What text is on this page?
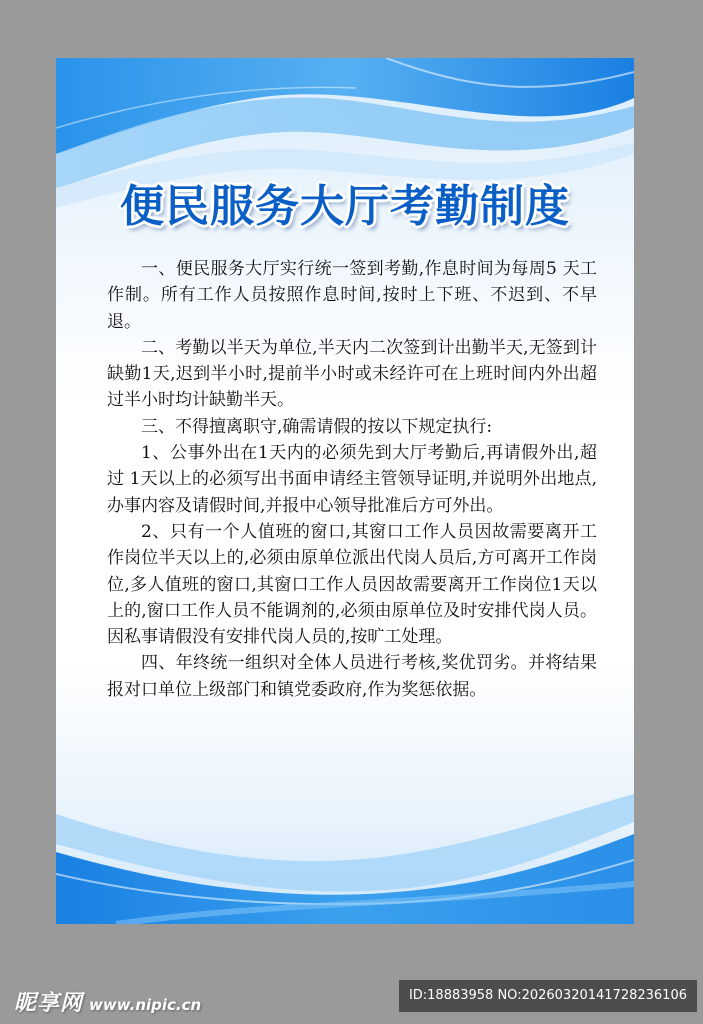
便民服务大厅考勤制度

一、便民服务大厅实行统一签到考勤,作息时间为每周5 天工作制。所有工作人员按照作息时间,按时上下班、不迟到、不早退。

二、考勤以半天为单位,半天内二次签到计出勤半天,无签到计缺勤1天,迟到半小时,提前半小时或未经许可在上班时间内外出超过半小时均计缺勤半天。

三、不得擅离职守,确需请假的按以下规定执行:

1、公事外出在1天内的必须先到大厅考勤后,再请假外出,超过 1天以上的必须写出书面申请经主管领导证明,并说明外出地点,办事内容及请假时间,并报中心领导批准后方可外出。

2、只有一个人值班的窗口,其窗口工作人员因故需要离开工作岗位半天以上的,必须由原单位派出代岗人员后,方可离开工作岗位,多人值班的窗口,其窗口工作人员因故需要离开工作岗位1天以上的,窗口工作人员不能调剂的,必须由原单位及时安排代岗人员。因私事请假没有安排代岗人员的,按旷工处理。

四、年终统一组织对全体人员进行考核,奖优罚劣。并将结果报对口单位上级部门和镇党委政府,作为奖惩依据。

昵享网 www.nipic.cn
ID:18883958 NO:20260320141728236106
